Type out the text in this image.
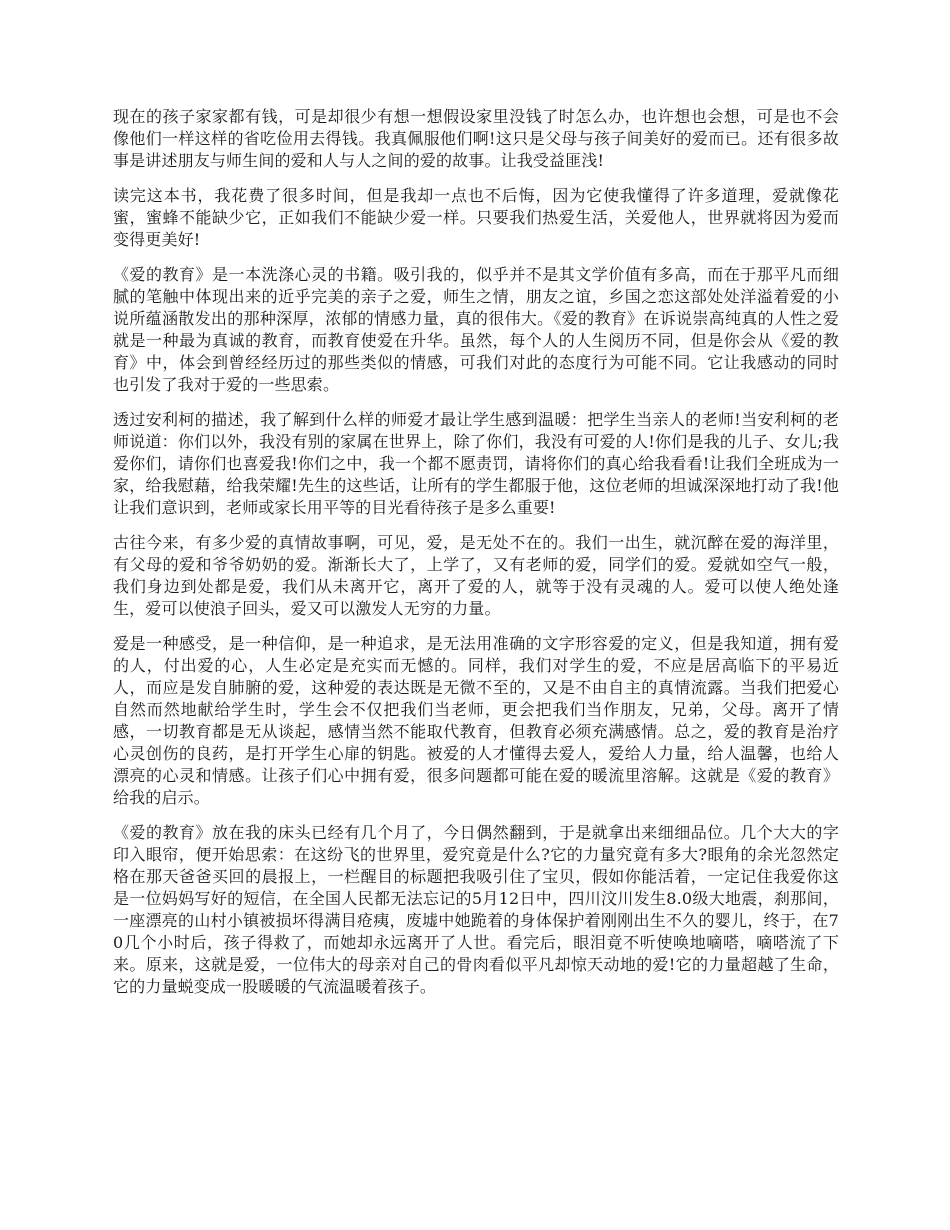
现在的孩子家家都有钱，可是却很少有想一想假设家里没钱了时怎么办，也许想也会想，可是也不会像他们一样这样的省吃俭用去得钱。我真佩服他们啊!这只是父母与孩子间美好的爱而已。还有很多故事是讲述朋友与师生间的爱和人与人之间的爱的故事。让我受益匪浅!

读完这本书，我花费了很多时间，但是我却一点也不后悔，因为它使我懂得了许多道理，爱就像花蜜，蜜蜂不能缺少它，正如我们不能缺少爱一样。只要我们热爱生活，关爱他人，世界就将因为爱而变得更美好!

《爱的教育》是一本洗涤心灵的书籍。吸引我的，似乎并不是其文学价值有多高，而在于那平凡而细腻的笔触中体现出来的近乎完美的亲子之爱，师生之情，朋友之谊，乡国之恋这部处处洋溢着爱的小说所蕴涵散发出的那种深厚，浓郁的情感力量，真的很伟大。《爱的教育》在诉说崇高纯真的人性之爱就是一种最为真诚的教育，而教育使爱在升华。虽然，每个人的人生阅历不同，但是你会从《爱的教育》中，体会到曾经经历过的那些类似的情感，可我们对此的态度行为可能不同。它让我感动的同时也引发了我对于爱的一些思索。

透过安利柯的描述，我了解到什么样的师爱才最让学生感到温暖：把学生当亲人的老师!当安利柯的老师说道：你们以外，我没有别的家属在世界上，除了你们，我没有可爱的人!你们是我的儿子、女儿;我爱你们，请你们也喜爱我!你们之中，我一个都不愿责罚，请将你们的真心给我看看!让我们全班成为一家，给我慰藉，给我荣耀!先生的这些话，让所有的学生都服于他，这位老师的坦诚深深地打动了我!他让我们意识到，老师或家长用平等的目光看待孩子是多么重要!

古往今来，有多少爱的真情故事啊，可见，爱，是无处不在的。我们一出生，就沉醉在爱的海洋里，有父母的爱和爷爷奶奶的爱。渐渐长大了，上学了，又有老师的爱，同学们的爱。爱就如空气一般，我们身边到处都是爱，我们从未离开它，离开了爱的人，就等于没有灵魂的人。爱可以使人绝处逢生，爱可以使浪子回头，爱又可以激发人无穷的力量。

爱是一种感受，是一种信仰，是一种追求，是无法用准确的文字形容爱的定义，但是我知道，拥有爱的人，付出爱的心，人生必定是充实而无憾的。同样，我们对学生的爱，不应是居高临下的平易近人，而应是发自肺腑的爱，这种爱的表达既是无微不至的，又是不由自主的真情流露。当我们把爱心自然而然地献给学生时，学生会不仅把我们当老师，更会把我们当作朋友，兄弟，父母。离开了情感，一切教育都是无从谈起，感情当然不能取代教育，但教育必须充满感情。总之，爱的教育是治疗心灵创伤的良药，是打开学生心扉的钥匙。被爱的人才懂得去爱人，爱给人力量，给人温馨，也给人漂亮的心灵和情感。让孩子们心中拥有爱，很多问题都可能在爱的暖流里溶解。这就是《爱的教育》给我的启示。

《爱的教育》放在我的床头已经有几个月了，今日偶然翻到，于是就拿出来细细品位。几个大大的字印入眼帘，便开始思索：在这纷飞的世界里，爱究竟是什么?它的力量究竟有多大?眼角的余光忽然定格在那天爸爸买回的晨报上，一栏醒目的标题把我吸引住了宝贝，假如你能活着，一定记住我爱你这是一位妈妈写好的短信，在全国人民都无法忘记的5月12日中，四川汶川发生8.0级大地震，刹那间，一座漂亮的山村小镇被损坏得满目疮痍，废墟中她跪着的身体保护着刚刚出生不久的婴儿，终于，在70几个小时后，孩子得救了，而她却永远离开了人世。看完后，眼泪竟不听使唤地嘀嗒，嘀嗒流了下来。原来，这就是爱，一位伟大的母亲对自己的骨肉看似平凡却惊天动地的爱!它的力量超越了生命，它的力量蜕变成一股暖暖的气流温暖着孩子。
